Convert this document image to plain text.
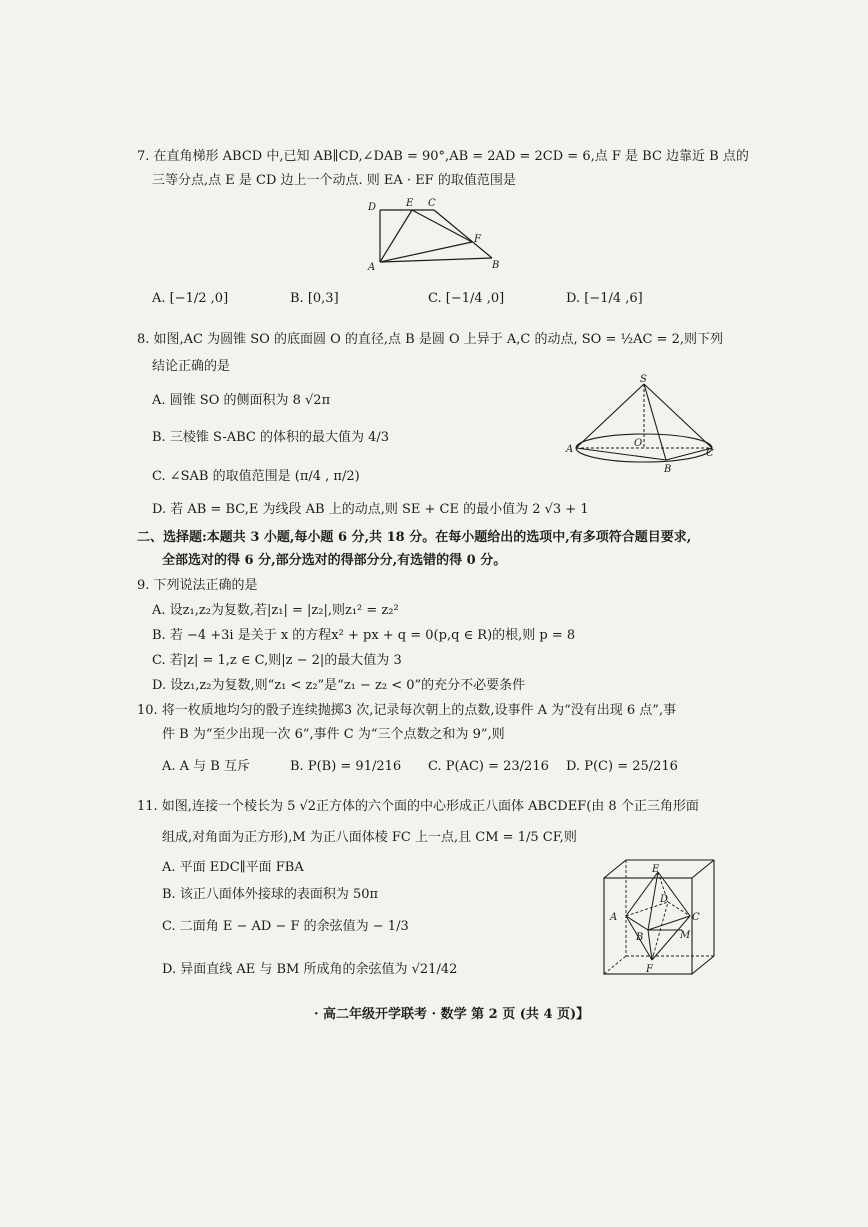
7. 在直角梯形 ABCD 中,已知 AB∥CD,∠DAB = 90°,AB = 2AD = 2CD = 6,点 F 是 BC 边靠近 B 点的
三等分点,点 E 是 CD 边上一个动点. 则 EA · EF 的取值范围是
D	E C
F
A	B
A. [−1/2 ,0]	B. [0,3]	C. [−1/4 ,0]	D. [−1/4 ,6]
8. 如图,AC 为圆锥 SO 的底面圆 O 的直径,点 B 是圆 O 上异于 A,C 的动点, SO = ½AC = 2,则下列
结论正确的是
A. 圆锥 SO 的侧面积为 8 √2π
B. 三棱锥 S-ABC 的体积的最大值为 4/3
C. ∠SAB 的取值范围是 (π/4 , π/2)
D. 若 AB = BC,E 为线段 AB 上的动点,则 SE + CE 的最小值为 2 √3 + 1
S
A
O
C
B
二、选择题:本题共 3 小题,每小题 6 分,共 18 分。在每小题给出的选项中,有多项符合题目要求,
全部选对的得 6 分,部分选对的得部分分,有选错的得 0 分。
9. 下列说法正确的是
A. 设z₁,z₂为复数,若|z₁| = |z₂|,则z₁² = z₂²
B. 若 −4 +3i 是关于 x 的方程x² + px + q = 0(p,q ∈ R)的根,则 p = 8
C. 若|z| = 1,z ∈ C,则|z − 2|的最大值为 3
D. 设z₁,z₂为复数,则“z₁ < z₂”是“z₁ − z₂ < 0”的充分不必要条件
10. 将一枚质地均匀的骰子连续抛掷3 次,记录每次朝上的点数,设事件 A 为“没有出现 6 点”,事
件 B 为“至少出现一次 6”,事件 C 为“三个点数之和为 9”,则
A. A 与 B 互斥	B. P(B) = 91/216 C. P(AC) = 23/216 D. P(C) = 25/216
11. 如图,连接一个棱长为 5 √2正方体的六个面的中心形成正八面体 ABCDEF(由 8 个正三角形面
组成,对角面为正方形),M 为正八面体棱 FC 上一点,且 CM = 1/5 CF,则
A. 平面 EDC∥平面 FBA
B. 该正八面体外接球的表面积为 50π
C. 二面角 E − AD − F 的余弦值为 − 1/3
D. 异面直线 AE 与 BM 所成角的余弦值为 √21/42
E
D
A	C
M
B
F
· 高二年级开学联考 · 数学 第 2 页 (共 4 页)】
